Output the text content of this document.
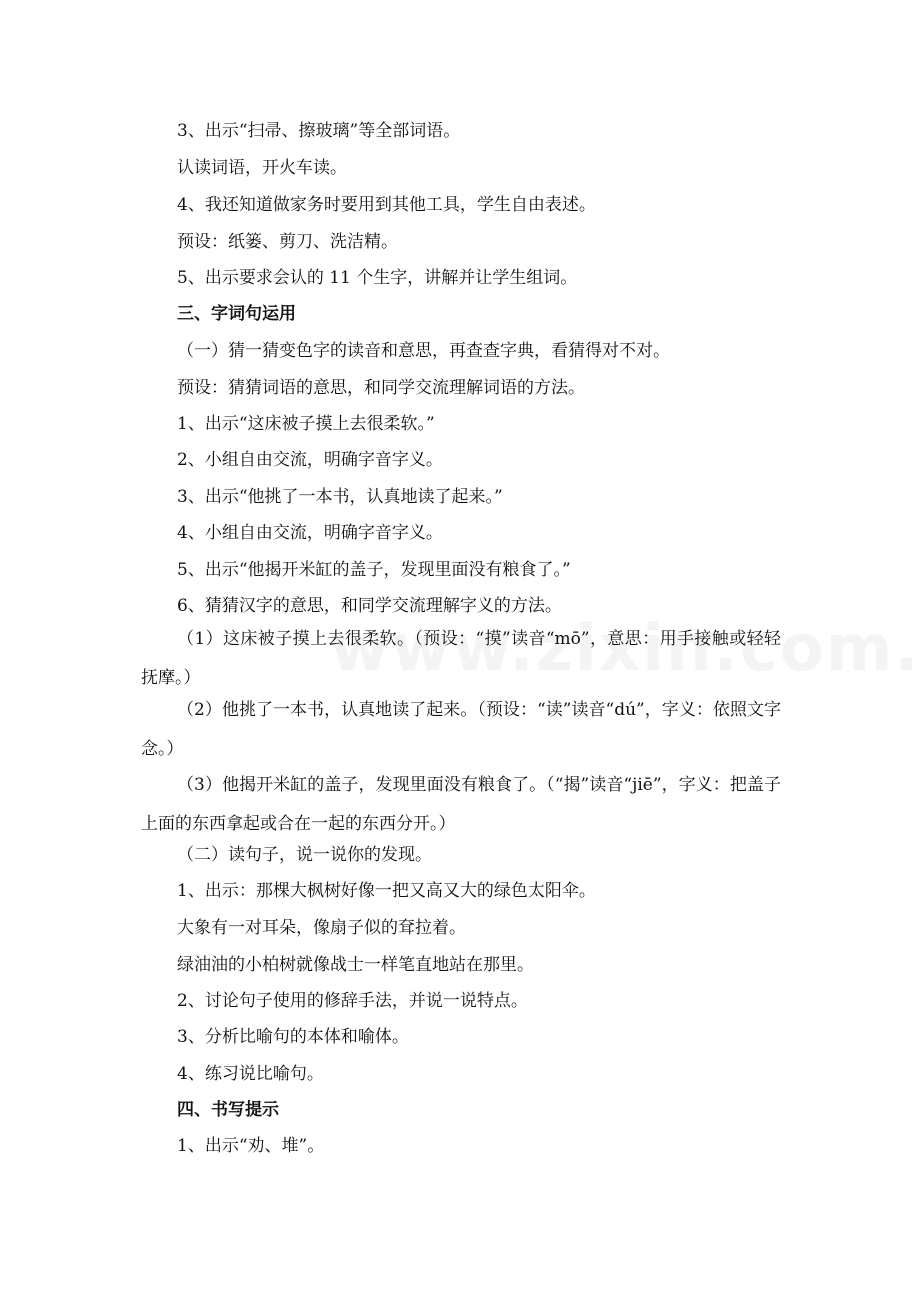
3、出示“扫帚、擦玻璃”等全部词语。
认读词语，开火车读。
4、我还知道做家务时要用到其他工具，学生自由表述。
预设：纸篓、剪刀、洗洁精。
5、出示要求会认的 11 个生字，讲解并让学生组词。
三、字词句运用
（一）猜一猜变色字的读音和意思，再查查字典，看猜得对不对。
预设：猜猜词语的意思，和同学交流理解词语的方法。
1、出示“这床被子摸上去很柔软。”
2、小组自由交流，明确字音字义。
3、出示“他挑了一本书，认真地读了起来。”
4、小组自由交流，明确字音字义。
5、出示“他揭开米缸的盖子，发现里面没有粮食了。”
6、猜猜汉字的意思，和同学交流理解字义的方法。
（1）这床被子摸上去很柔软。（预设：“摸”读音“mō”，意思：用手接触或轻轻抚摩。）
（2）他挑了一本书，认真地读了起来。（预设：“读”读音“dú”，字义：依照文字念。）
（3）他揭开米缸的盖子，发现里面没有粮食了。（“揭”读音“jiē”，字义：把盖子上面的东西拿起或合在一起的东西分开。）
（二）读句子，说一说你的发现。
1、出示：那棵大枫树好像一把又高又大的绿色太阳伞。
大象有一对耳朵，像扇子似的耷拉着。
绿油油的小柏树就像战士一样笔直地站在那里。
2、讨论句子使用的修辞手法，并说一说特点。
3、分析比喻句的本体和喻体。
4、练习说比喻句。
四、书写提示
1、出示“劝、堆”。
